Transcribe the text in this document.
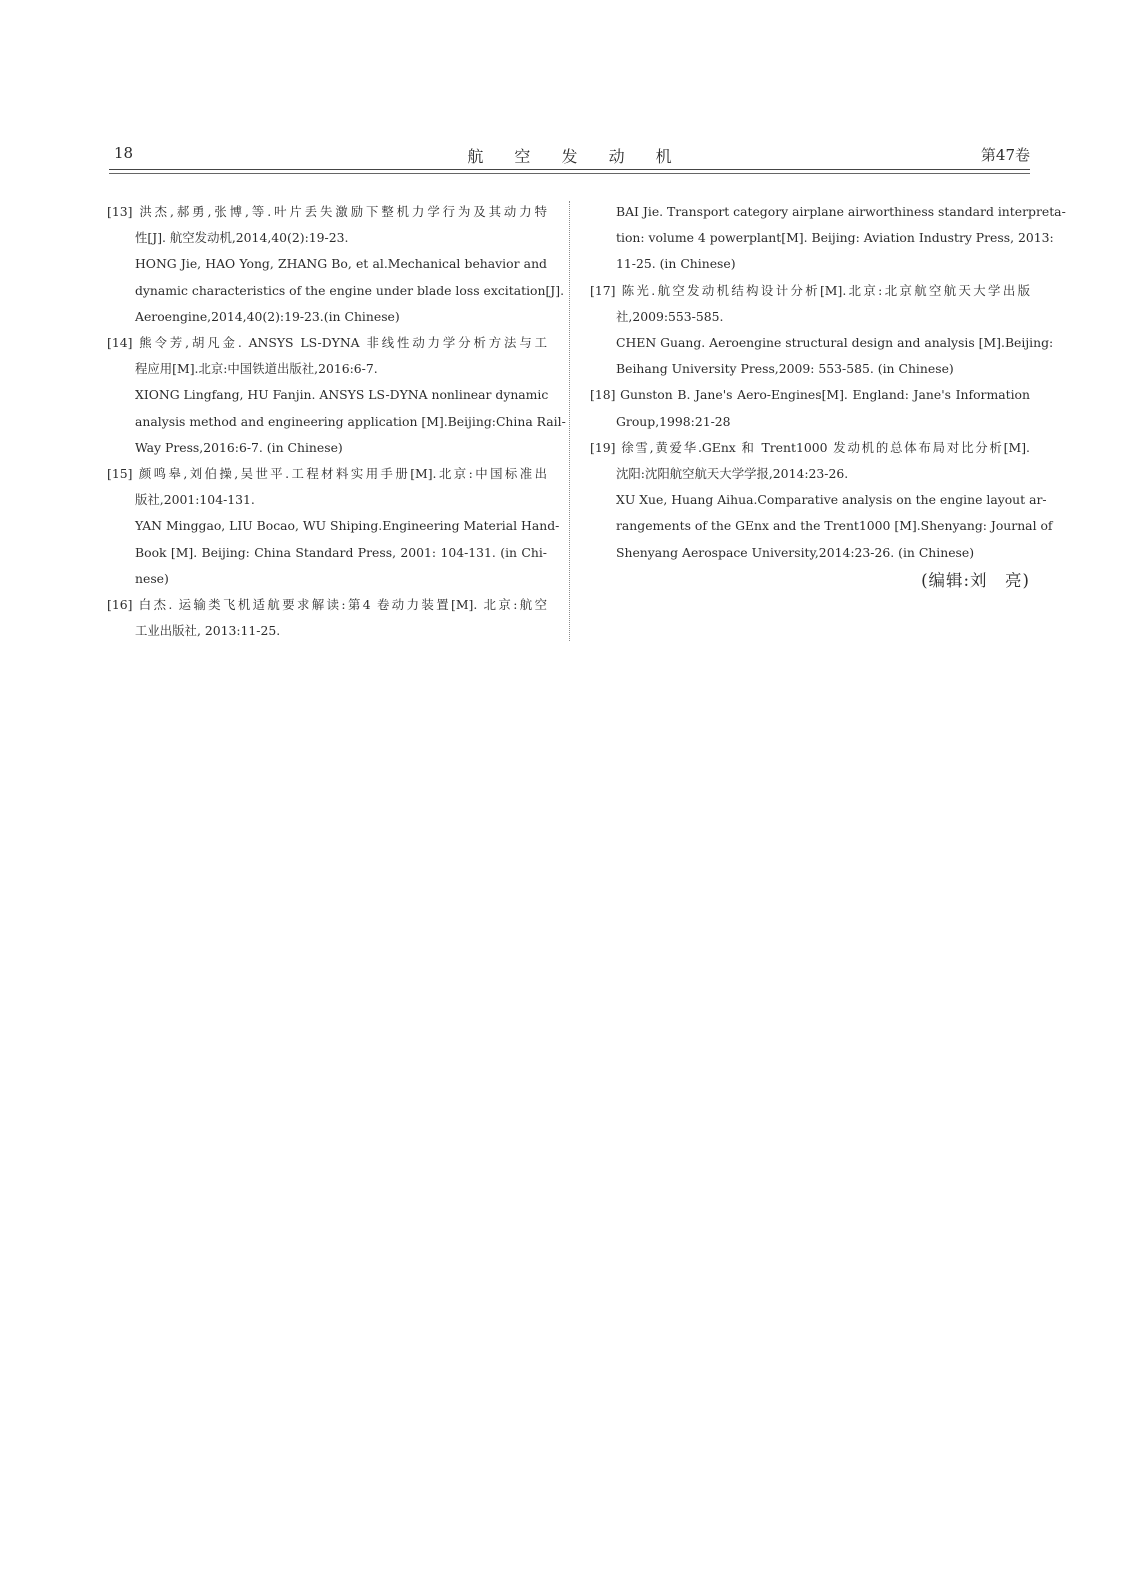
18	航 空 发 动 机	第47卷
[13] 洪杰,郝勇,张博,等.叶片丢失激励下整机力学行为及其动力特
性[J]. 航空发动机,2014,40(2):19-23.
HONG Jie, HAO Yong, ZHANG Bo, et al.Mechanical behavior and
dynamic characteristics of the engine under blade loss excitation[J].
Aeroengine,2014,40(2):19-23.(in Chinese)
[14] 熊令芳,胡凡金. ANSYS LS-DYNA 非线性动力学分析方法与工
程应用[M].北京:中国铁道出版社,2016:6-7.
XIONG Lingfang, HU Fanjin. ANSYS LS-DYNA nonlinear dynamic
analysis method and engineering application [M].Beijing:China Rail-
Way Press,2016:6-7. (in Chinese)
[15] 颜鸣皋,刘伯操,吴世平.工程材料实用手册[M].北京:中国标准出
版社,2001:104-131.
YAN Minggao, LIU Bocao, WU Shiping.Engineering Material Hand-
Book [M]. Beijing: China Standard Press, 2001: 104-131. (in Chi-
nese)
[16] 白杰. 运输类飞机适航要求解读:第4 卷动力装置[M]. 北京:航空
工业出版社, 2013:11-25.
BAI Jie. Transport category airplane airworthiness standard interpreta-
tion: volume 4 powerplant[M]. Beijing: Aviation Industry Press, 2013:
11-25. (in Chinese)
[17] 陈光.航空发动机结构设计分析[M].北京:北京航空航天大学出版
社,2009:553-585.
CHEN Guang. Aeroengine structural design and analysis [M].Beijing:
Beihang University Press,2009: 553-585. (in Chinese)
[18] Gunston B. Jane's Aero-Engines[M]. England: Jane's Information
Group,1998:21-28
[19] 徐雪,黄爱华.GEnx 和 Trent1000 发动机的总体布局对比分析[M].
沈阳:沈阳航空航天大学学报,2014:23-26.
XU Xue, Huang Aihua.Comparative analysis on the engine layout ar-
rangements of the GEnx and the Trent1000 [M].Shenyang: Journal of
Shenyang Aerospace University,2014:23-26. (in Chinese)
(编辑:刘　亮)
